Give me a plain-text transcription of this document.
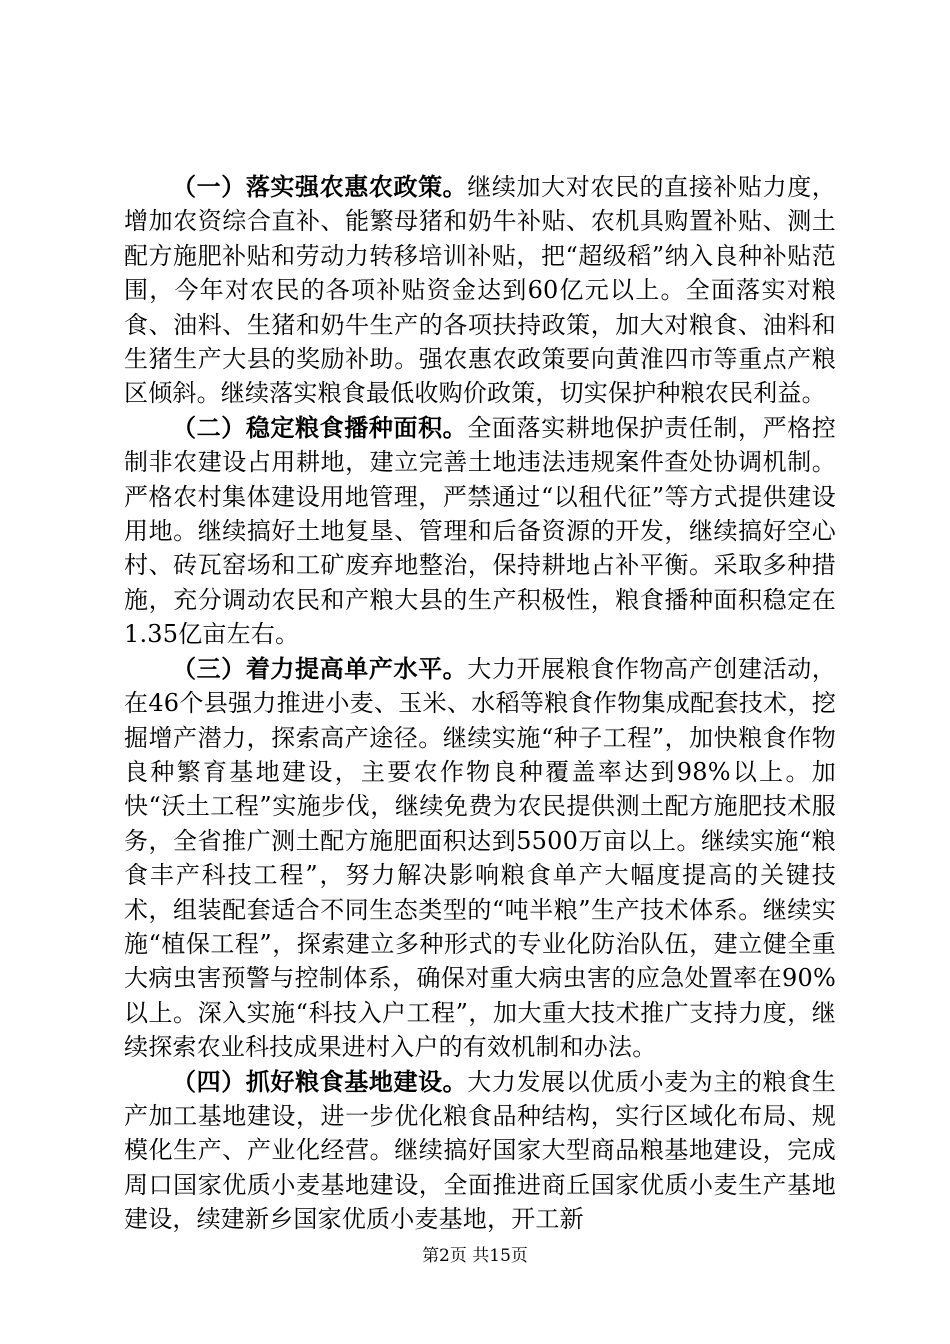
（一）落实强农惠农政策。继续加大对农民的直接补贴力度，增加农资综合直补、能繁母猪和奶牛补贴、农机具购置补贴、测土配方施肥补贴和劳动力转移培训补贴，把“超级稻”纳入良种补贴范围，今年对农民的各项补贴资金达到60亿元以上。全面落实对粮食、油料、生猪和奶牛生产的各项扶持政策，加大对粮食、油料和生猪生产大县的奖励补助。强农惠农政策要向黄淮四市等重点产粮区倾斜。继续落实粮食最低收购价政策，切实保护种粮农民利益。

（二）稳定粮食播种面积。全面落实耕地保护责任制，严格控制非农建设占用耕地，建立完善土地违法违规案件查处协调机制。严格农村集体建设用地管理，严禁通过“以租代征”等方式提供建设用地。继续搞好土地复垦、管理和后备资源的开发，继续搞好空心村、砖瓦窑场和工矿废弃地整治，保持耕地占补平衡。采取多种措施，充分调动农民和产粮大县的生产积极性，粮食播种面积稳定在1.35亿亩左右。

（三）着力提高单产水平。大力开展粮食作物高产创建活动，在46个县强力推进小麦、玉米、水稻等粮食作物集成配套技术，挖掘增产潜力，探索高产途径。继续实施“种子工程”，加快粮食作物良种繁育基地建设，主要农作物良种覆盖率达到98%以上。加快“沃土工程”实施步伐，继续免费为农民提供测土配方施肥技术服务，全省推广测土配方施肥面积达到5500万亩以上。继续实施“粮食丰产科技工程”，努力解决影响粮食单产大幅度提高的关键技术，组装配套适合不同生态类型的“吨半粮”生产技术体系。继续实施“植保工程”，探索建立多种形式的专业化防治队伍，建立健全重大病虫害预警与控制体系，确保对重大病虫害的应急处置率在90%以上。深入实施“科技入户工程”，加大重大技术推广支持力度，继续探索农业科技成果进村入户的有效机制和办法。

（四）抓好粮食基地建设。大力发展以优质小麦为主的粮食生产加工基地建设，进一步优化粮食品种结构，实行区域化布局、规模化生产、产业化经营。继续搞好国家大型商品粮基地建设，完成周口国家优质小麦基地建设，全面推进商丘国家优质小麦生产基地建设，续建新乡国家优质小麦基地，开工新

第2页 共15页
